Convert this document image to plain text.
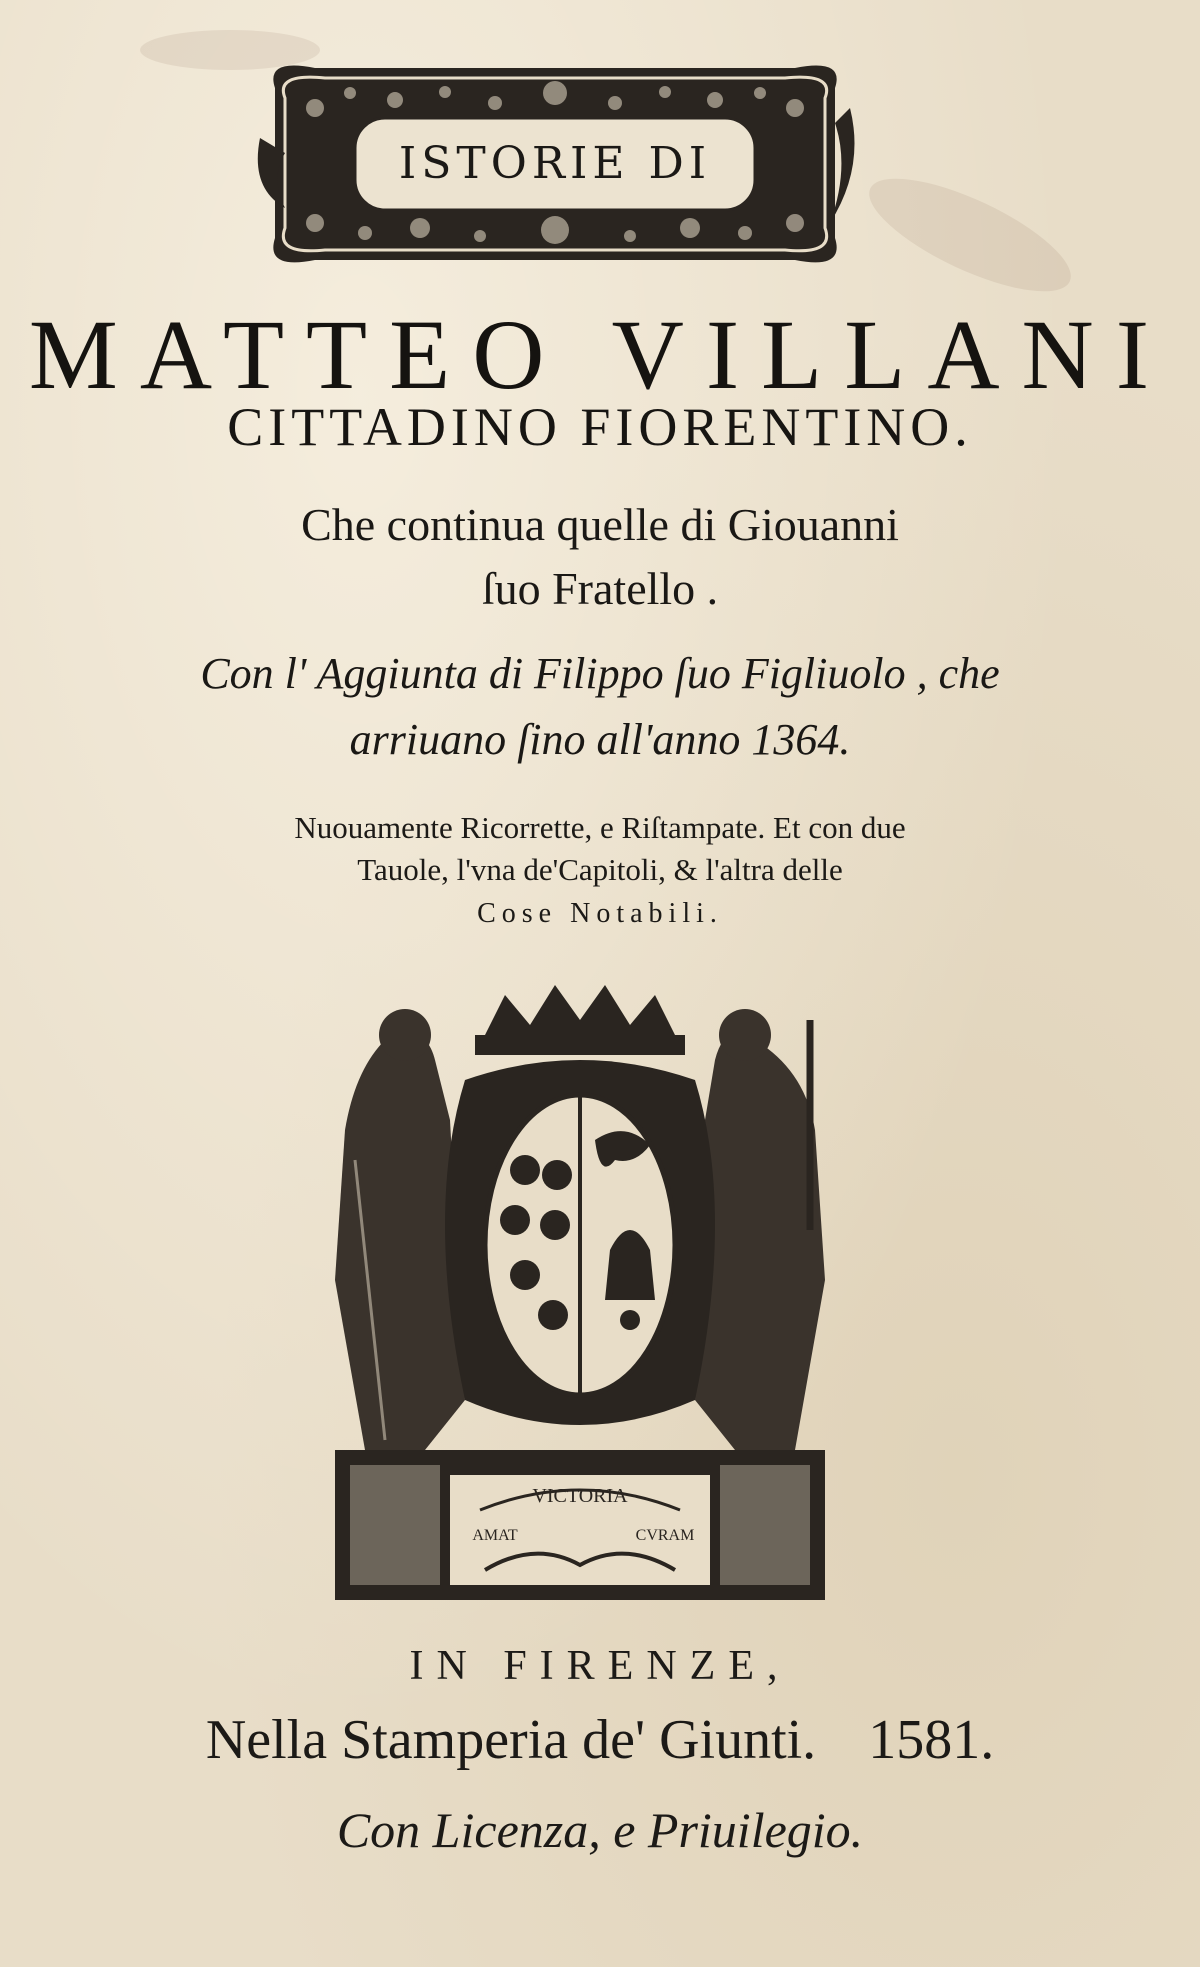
ISTORIE DI
MATTEO VILLANI
CITTADINO FIORENTINO.
Che continua quelle di Giouanni
ſuo Fratello .
Con l' Aggiunta di Filippo ſuo Figliuolo , che
arriuano ſino all'anno 1364.
Nuouamente Ricorrette, e Riſtampate. Et con due
Tauole, l'vna de'Capitoli, & l'altra delle
Cose Notabili.
VICTORIA
AMAT	CVRAM
IN FIRENZE,
Nella Stamperia de' Giunti. 1581.
Con Licenza, e Priuilegio.
